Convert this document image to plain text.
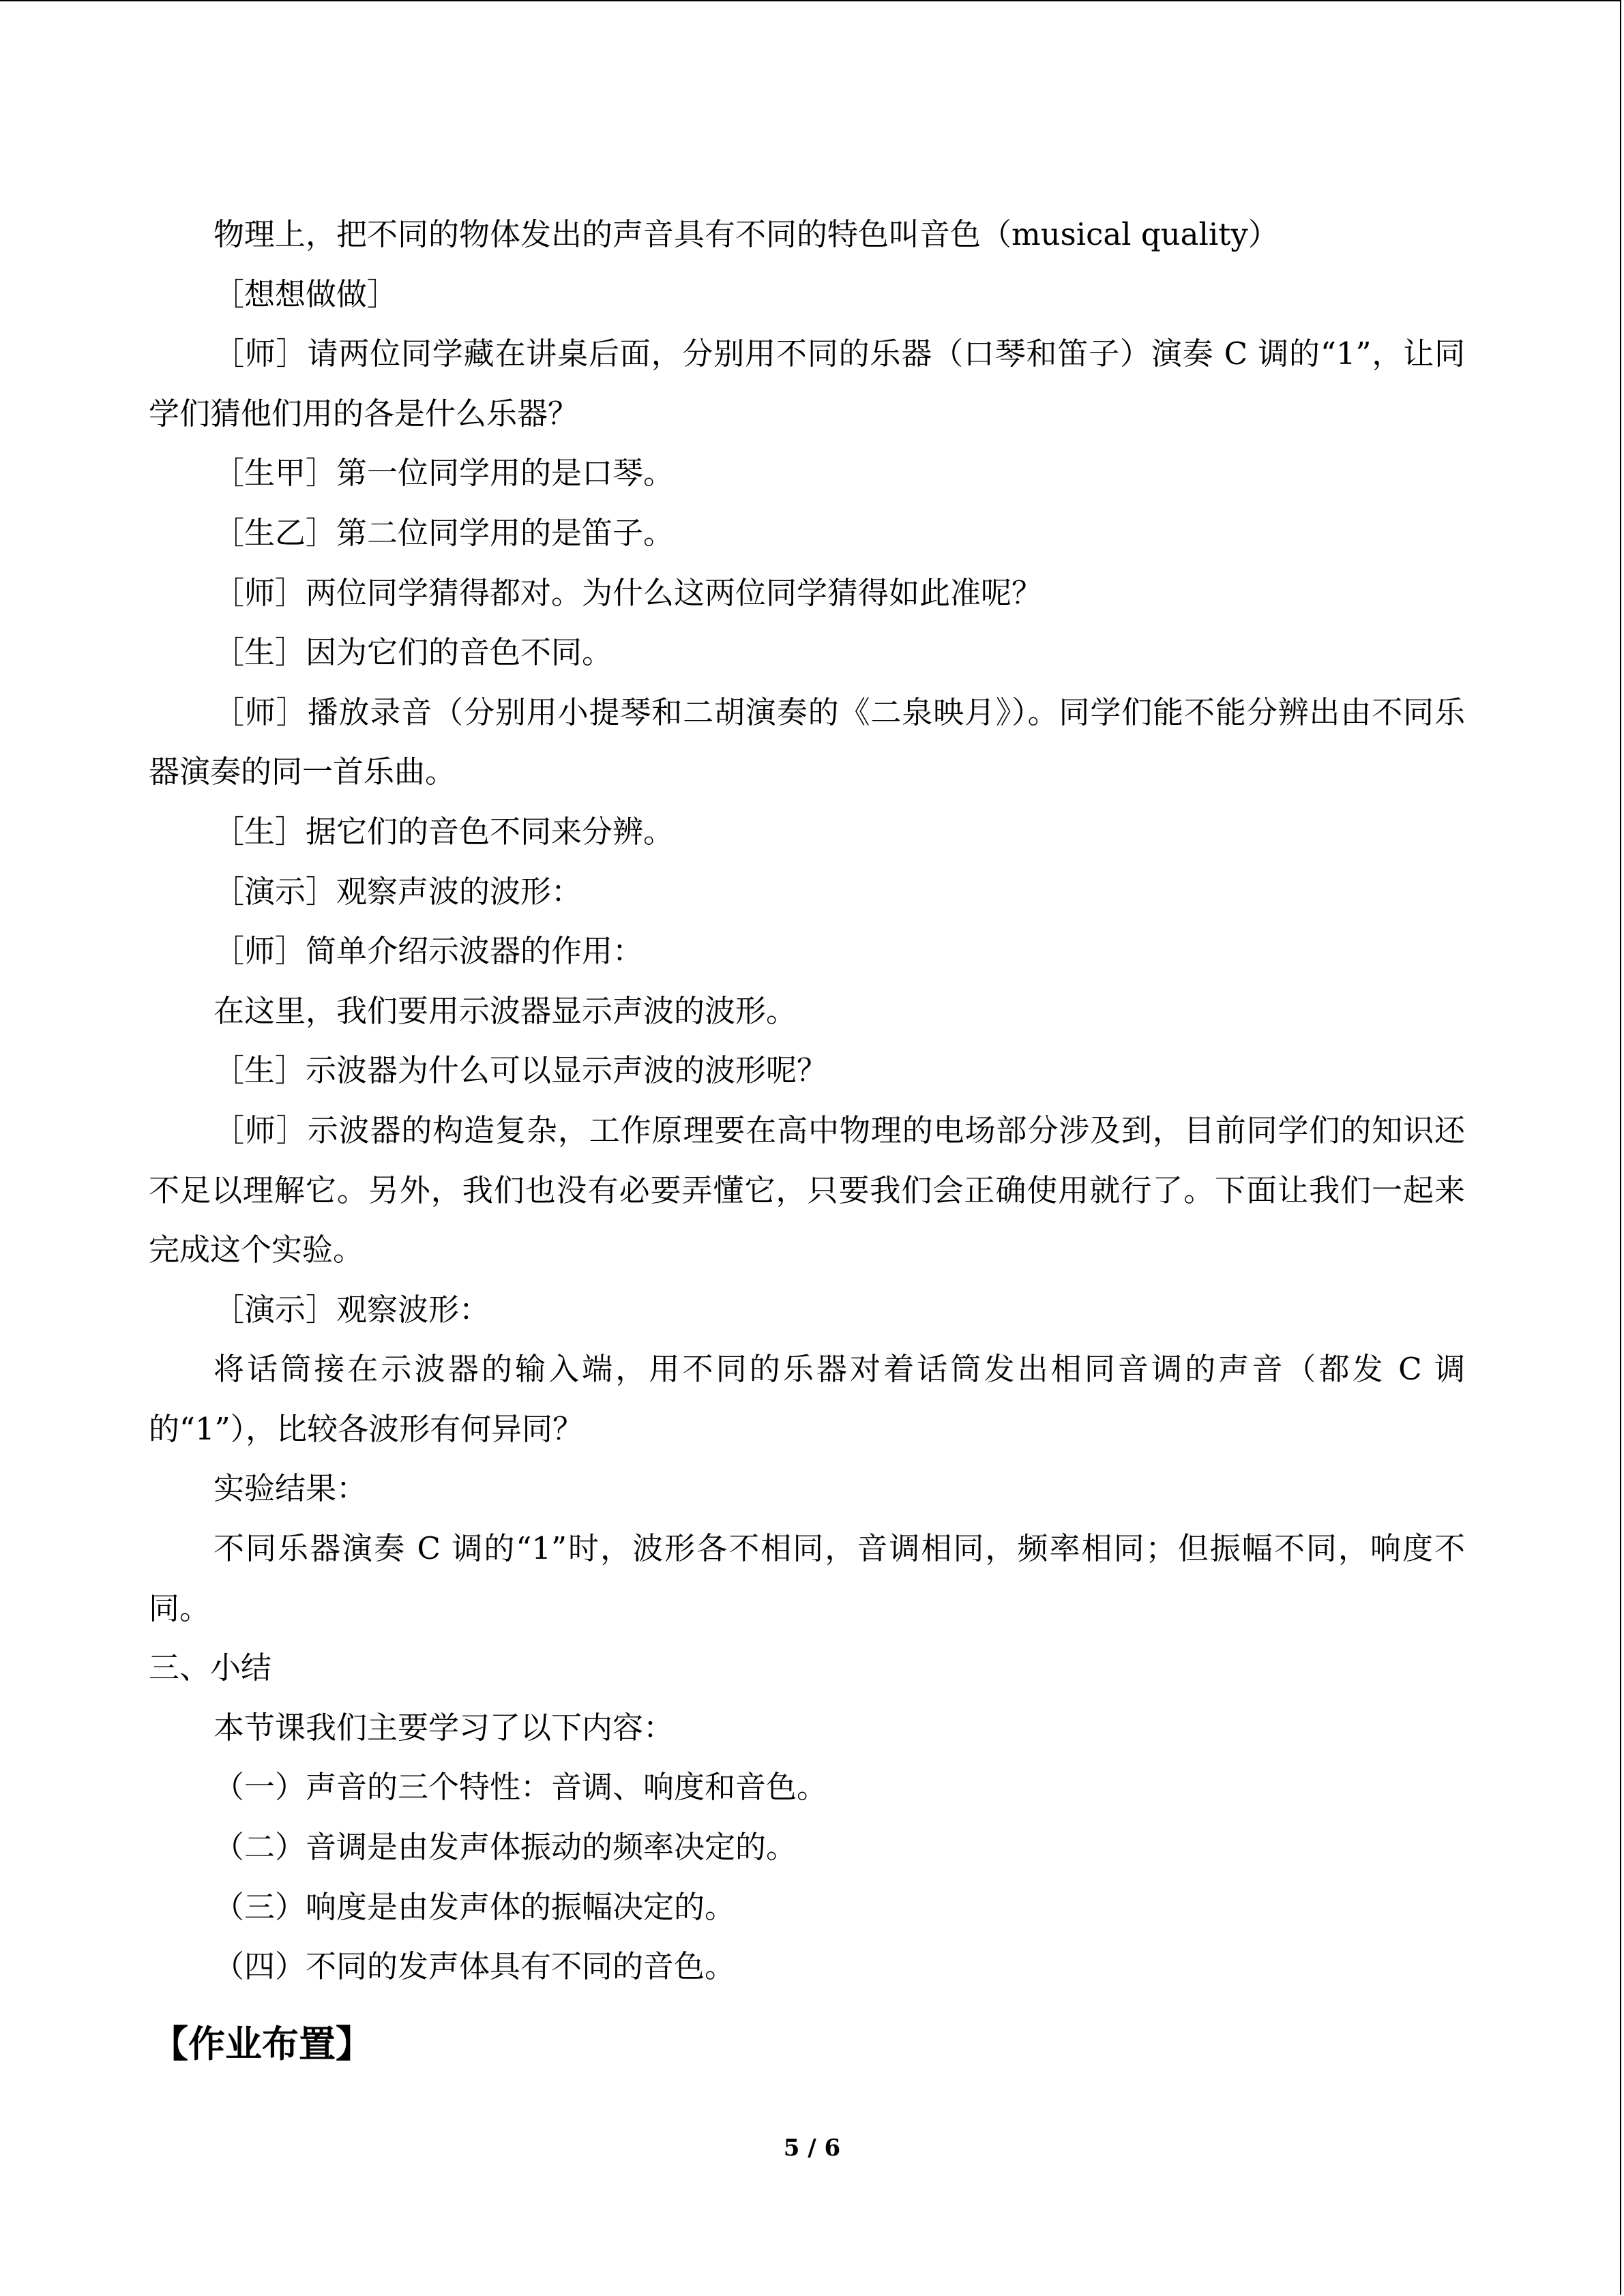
物理上，把不同的物体发出的声音具有不同的特色叫音色（musical quality）

［想想做做］

［师］请两位同学藏在讲桌后面，分别用不同的乐器（口琴和笛子）演奏 C 调的“1”，让同学们猜他们用的各是什么乐器？

［生甲］第一位同学用的是口琴。

［生乙］第二位同学用的是笛子。

［师］两位同学猜得都对。为什么这两位同学猜得如此准呢？

［生］因为它们的音色不同。

［师］播放录音（分别用小提琴和二胡演奏的《二泉映月》）。同学们能不能分辨出由不同乐器演奏的同一首乐曲。

［生］据它们的音色不同来分辨。

［演示］观察声波的波形：

［师］简单介绍示波器的作用：

在这里，我们要用示波器显示声波的波形。

［生］示波器为什么可以显示声波的波形呢？

［师］示波器的构造复杂，工作原理要在高中物理的电场部分涉及到，目前同学们的知识还不足以理解它。另外，我们也没有必要弄懂它，只要我们会正确使用就行了。下面让我们一起来完成这个实验。

［演示］观察波形：

将话筒接在示波器的输入端，用不同的乐器对着话筒发出相同音调的声音（都发 C 调的“1”），比较各波形有何异同？

实验结果：

不同乐器演奏 C 调的“1”时，波形各不相同，音调相同，频率相同；但振幅不同，响度不同。

三、小结

本节课我们主要学习了以下内容：

（一）声音的三个特性：音调、响度和音色。

（二）音调是由发声体振动的频率决定的。

（三）响度是由发声体的振幅决定的。

（四）不同的发声体具有不同的音色。

【作业布置】
5 / 6
